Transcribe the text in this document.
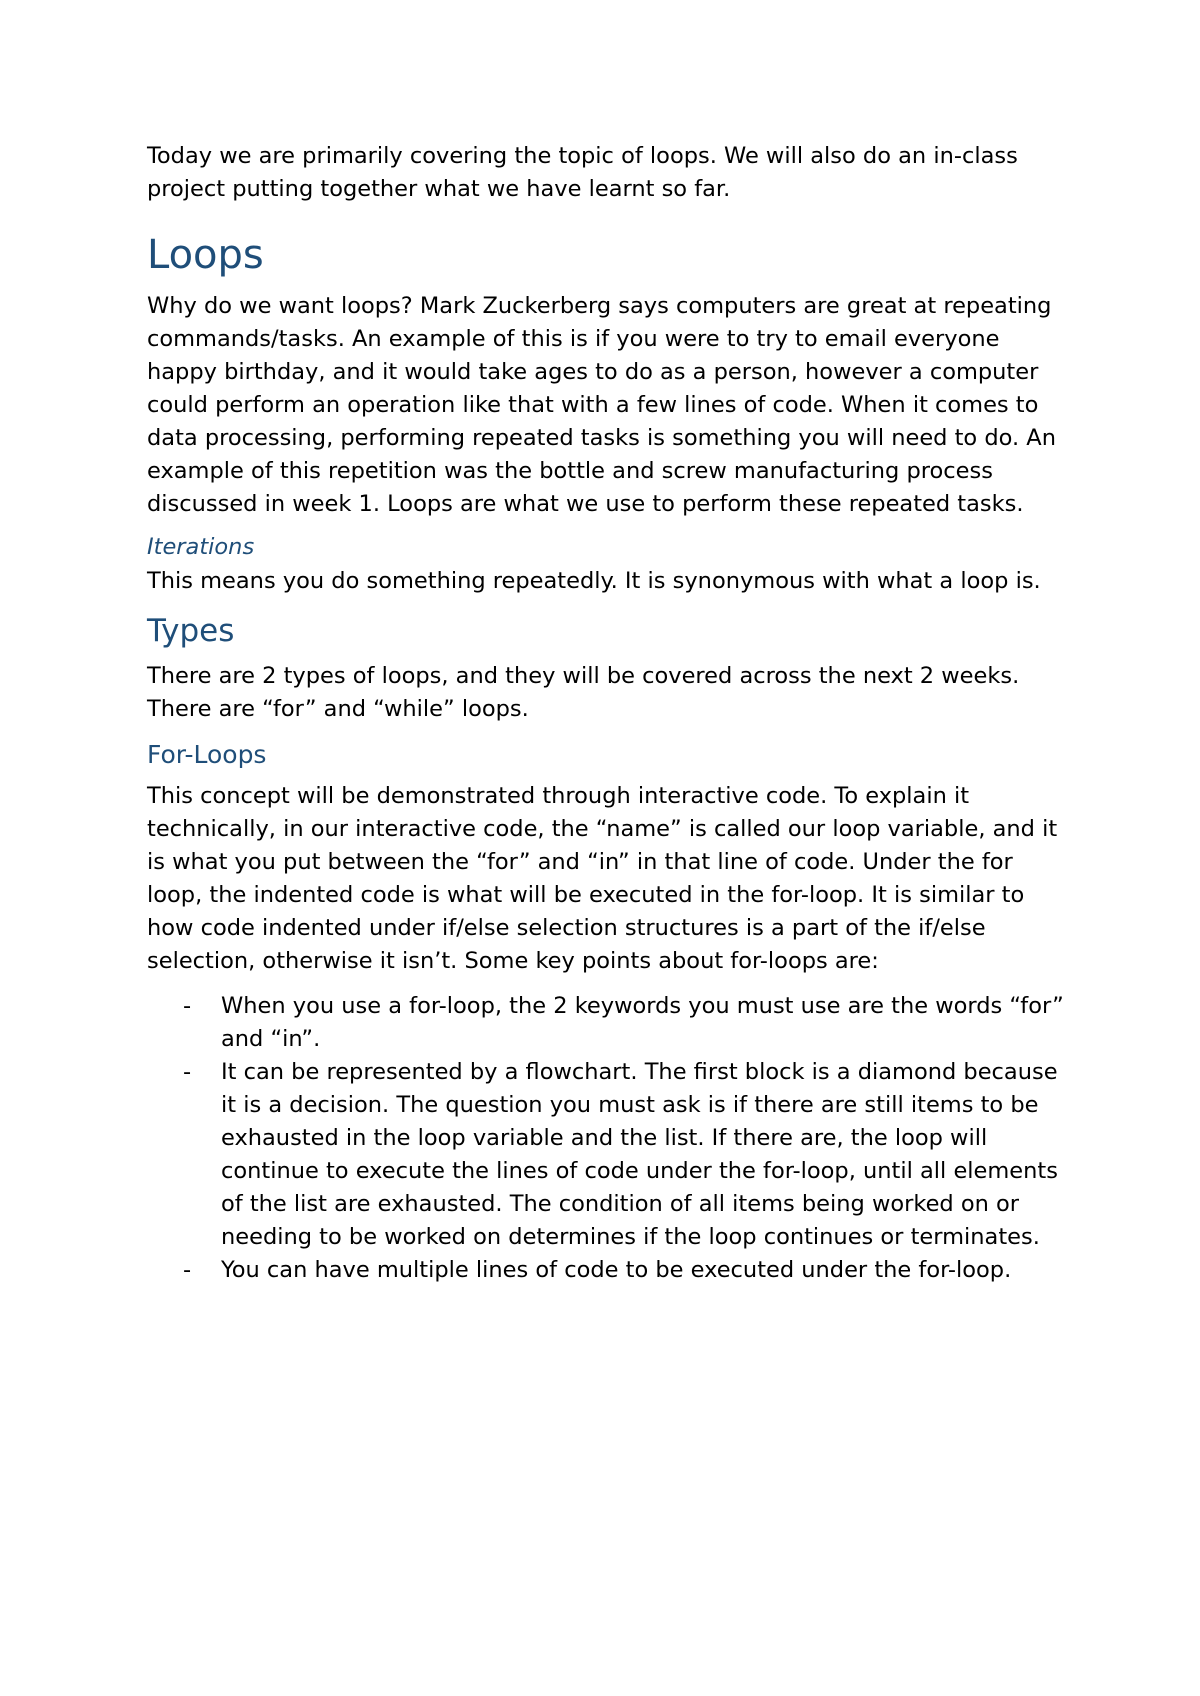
Today we are primarily covering the topic of loops. We will also do an in-class project putting together what we have learnt so far.

Loops

Why do we want loops? Mark Zuckerberg says computers are great at repeating commands/tasks. An example of this is if you were to try to email everyone happy birthday, and it would take ages to do as a person, however a computer could perform an operation like that with a few lines of code. When it comes to data processing, performing repeated tasks is something you will need to do. An example of this repetition was the bottle and screw manufacturing process discussed in week 1. Loops are what we use to perform these repeated tasks.

Iterations

This means you do something repeatedly. It is synonymous with what a loop is.

Types

There are 2 types of loops, and they will be covered across the next 2 weeks. There are “for” and “while” loops.

For-Loops

This concept will be demonstrated through interactive code. To explain it technically, in our interactive code, the “name” is called our loop variable, and it is what you put between the “for” and “in” in that line of code. Under the for loop, the indented code is what will be executed in the for-loop. It is similar to how code indented under if/else selection structures is a part of the if/else selection, otherwise it isn’t. Some key points about for-loops are:

- When you use a for-loop, the 2 keywords you must use are the words “for” and “in”.
- It can be represented by a flowchart. The first block is a diamond because it is a decision. The question you must ask is if there are still items to be exhausted in the loop variable and the list. If there are, the loop will continue to execute the lines of code under the for-loop, until all elements of the list are exhausted. The condition of all items being worked on or needing to be worked on determines if the loop continues or terminates.
- You can have multiple lines of code to be executed under the for-loop.
